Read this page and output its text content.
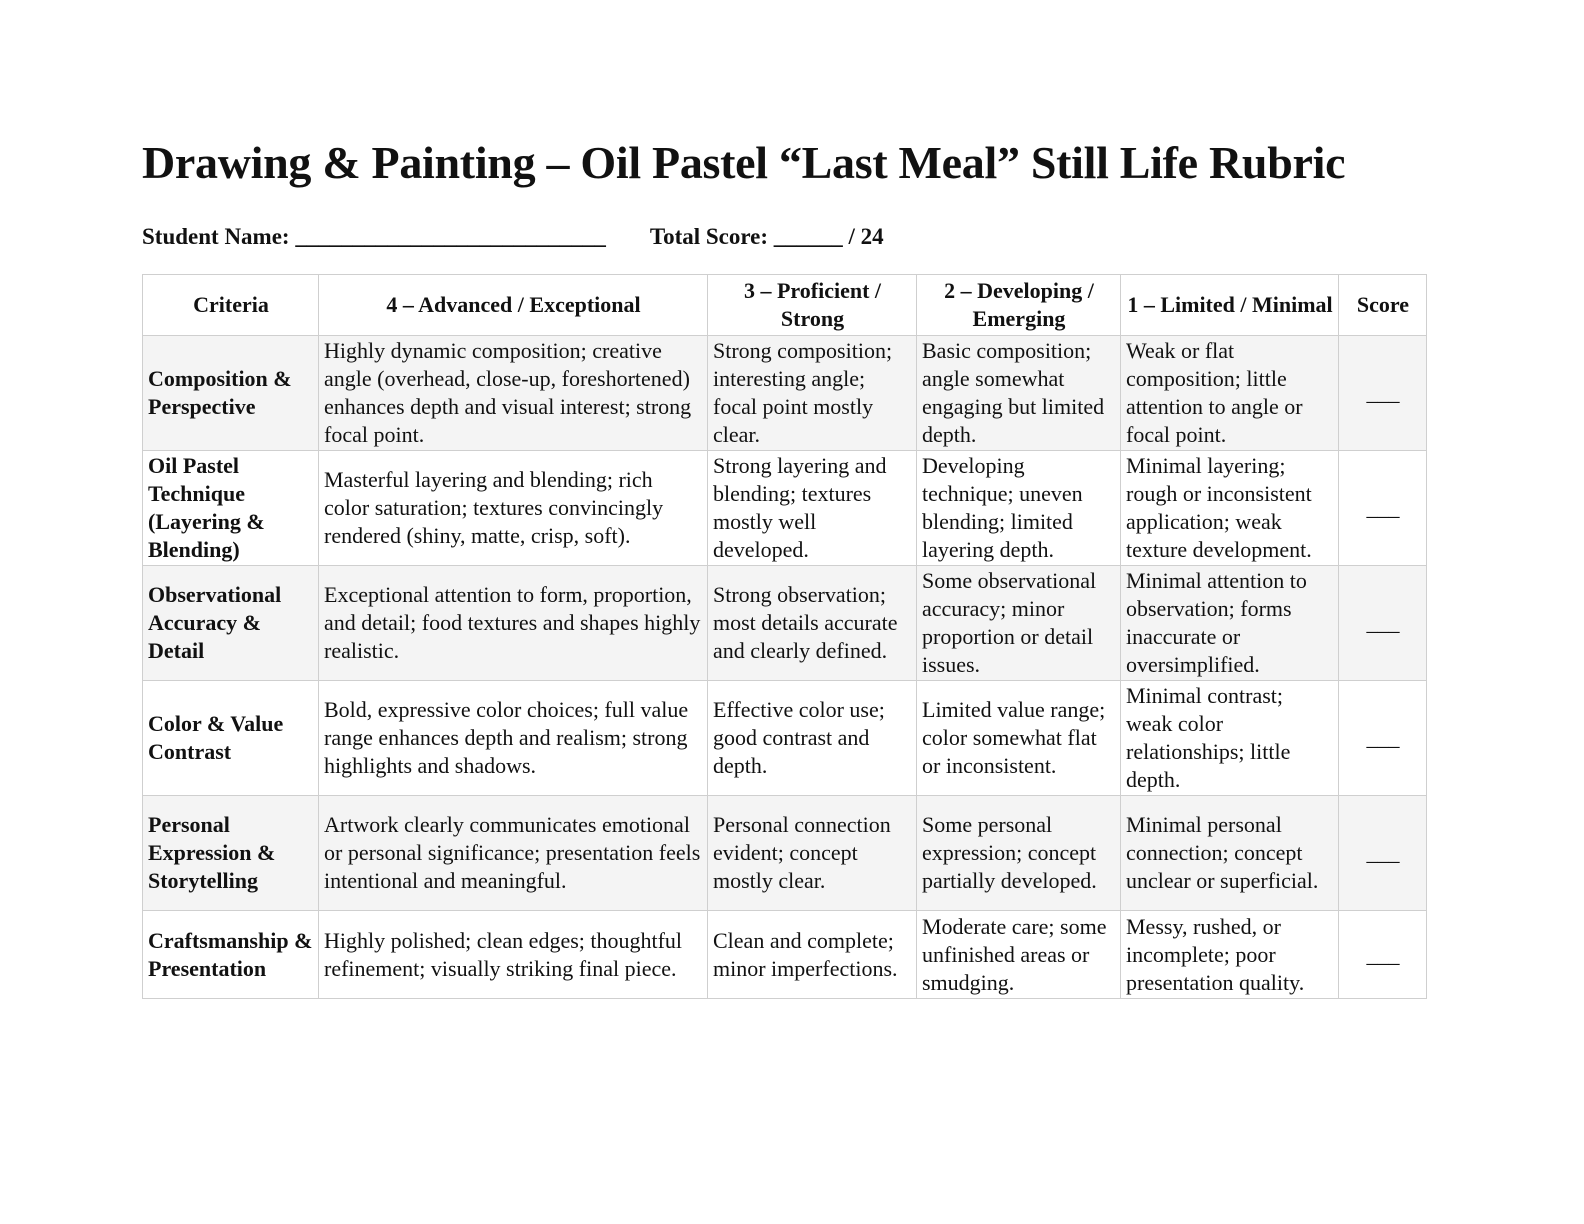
Drawing & Painting – Oil Pastel “Last Meal” Still Life Rubric
Student Name: ___________________________ Total Score: ______ / 24
Criteria	4 – Advanced / Exceptional	3 – Proficient / Strong	2 – Developing / Emerging	1 – Limited / Minimal	Score
Composition & Perspective	Highly dynamic composition; creative angle (overhead, close-up, foreshortened) enhances depth and visual interest; strong focal point.	Strong composition; interesting angle; focal point mostly clear.	Basic composition; angle somewhat engaging but limited depth.	Weak or flat composition; little attention to angle or focal point.	___
Oil Pastel Technique (Layering & Blending)	Masterful layering and blending; rich color saturation; textures convincingly rendered (shiny, matte, crisp, soft).	Strong layering and blending; textures mostly well developed.	Developing technique; uneven blending; limited layering depth.	Minimal layering; rough or inconsistent application; weak texture development.	___
Observational Accuracy & Detail	Exceptional attention to form, proportion, and detail; food textures and shapes highly realistic.	Strong observation; most details accurate and clearly defined.	Some observational accuracy; minor proportion or detail issues.	Minimal attention to observation; forms inaccurate or oversimplified.	___
Color & Value Contrast	Bold, expressive color choices; full value range enhances depth and realism; strong highlights and shadows.	Effective color use; good contrast and depth.	Limited value range; color somewhat flat or inconsistent.	Minimal contrast; weak color relationships; little depth.	___
Personal Expression & Storytelling	Artwork clearly communicates emotional or personal significance; presentation feels intentional and meaningful.	Personal connection evident; concept mostly clear.	Some personal expression; concept partially developed.	Minimal personal connection; concept unclear or superficial.	___
Craftsmanship & Presentation	Highly polished; clean edges; thoughtful refinement; visually striking final piece.	Clean and complete; minor imperfections.	Moderate care; some unfinished areas or smudging.	Messy, rushed, or incomplete; poor presentation quality.	___
